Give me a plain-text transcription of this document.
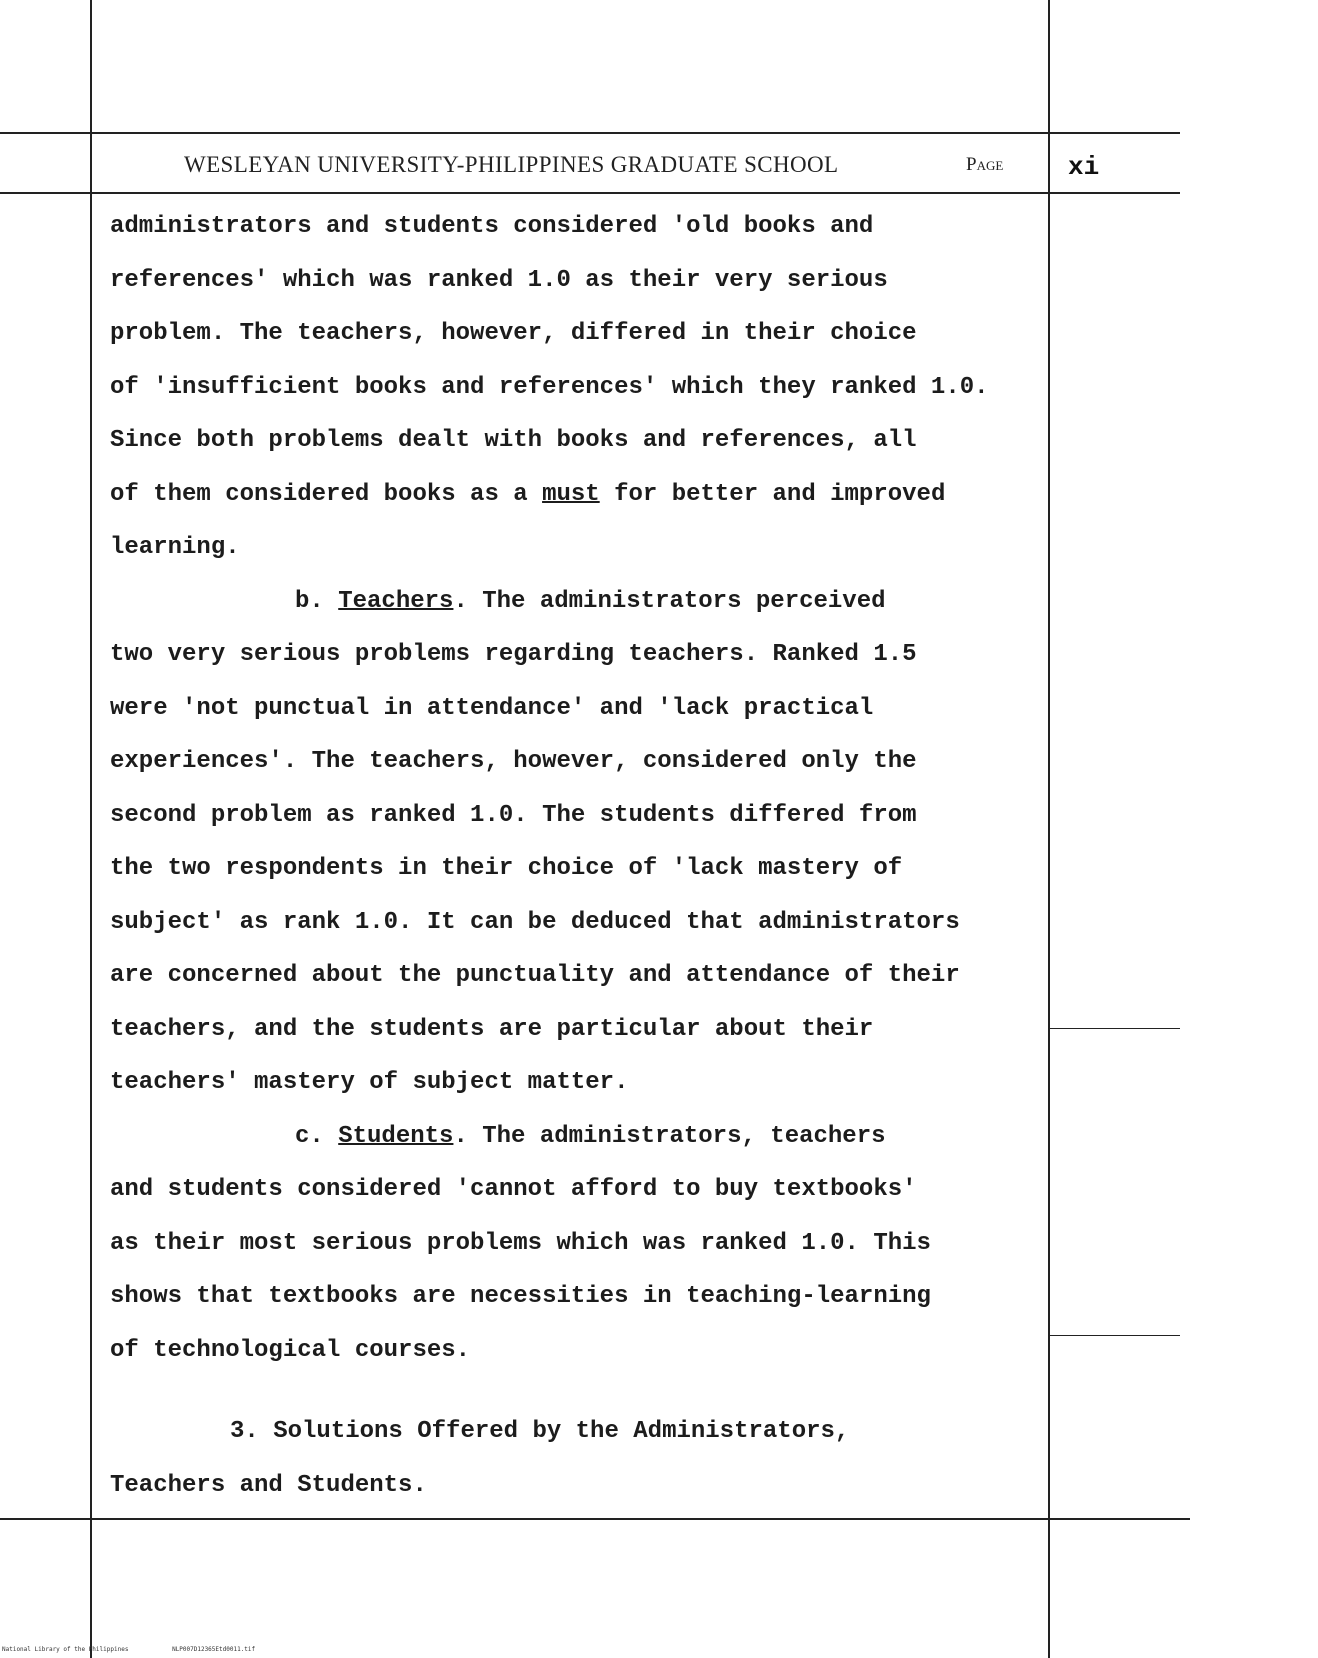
WESLEYAN UNIVERSITY-PHILIPPINES GRADUATE SCHOOL	Page xi
administrators and students considered 'old books and
references' which was ranked 1.0 as their very serious
problem. The teachers, however, differed in their choice
of 'insufficient books and references' which they ranked 1.0.
Since both problems dealt with books and references, all
of them considered books as a must for better and improved
learning.
b. Teachers. The administrators perceived
two very serious problems regarding teachers. Ranked 1.5
were 'not punctual in attendance' and 'lack practical
experiences'. The teachers, however, considered only the
second problem as ranked 1.0. The students differed from
the two respondents in their choice of 'lack mastery of
subject' as rank 1.0. It can be deduced that administrators
are concerned about the punctuality and attendance of their
teachers, and the students are particular about their
teachers' mastery of subject matter.
c. Students. The administrators, teachers
and students considered 'cannot afford to buy textbooks'
as their most serious problems which was ranked 1.0. This
shows that textbooks are necessities in teaching-learning
of technological courses.
3. Solutions Offered by the Administrators,
Teachers and Students.
National Library of the Philippines	NLP007D12365Etd0011.tif
